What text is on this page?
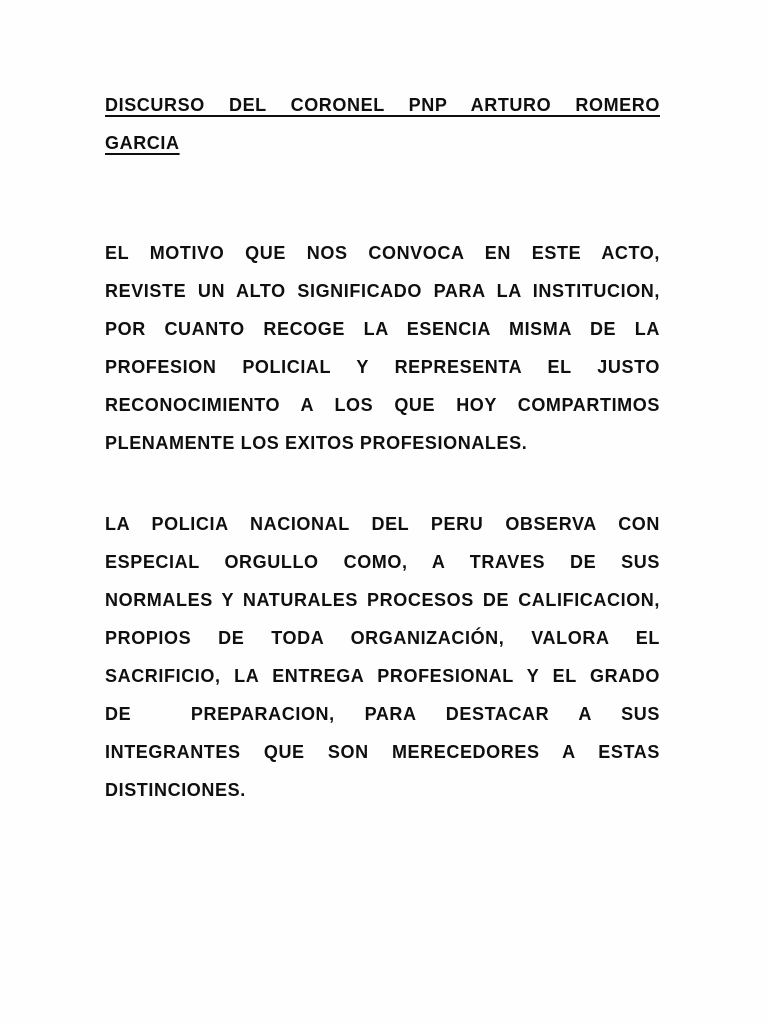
DISCURSO DEL CORONEL PNP ARTURO ROMERO
GARCIA
EL MOTIVO QUE NOS CONVOCA EN ESTE ACTO,
REVISTE UN ALTO SIGNIFICADO PARA LA INSTITUCION,
POR CUANTO RECOGE LA ESENCIA MISMA DE LA
PROFESION POLICIAL Y REPRESENTA EL JUSTO
RECONOCIMIENTO A LOS QUE HOY COMPARTIMOS
PLENAMENTE LOS EXITOS PROFESIONALES.
LA POLICIA NACIONAL DEL PERU OBSERVA CON
ESPECIAL ORGULLO COMO, A TRAVES DE SUS
NORMALES Y NATURALES PROCESOS DE CALIFICACION,
PROPIOS DE TODA ORGANIZACIÓN, VALORA EL
SACRIFICIO, LA ENTREGA PROFESIONAL Y EL GRADO
DE  PREPARACION, PARA DESTACAR A SUS
INTEGRANTES QUE SON MERECEDORES A ESTAS
DISTINCIONES.
